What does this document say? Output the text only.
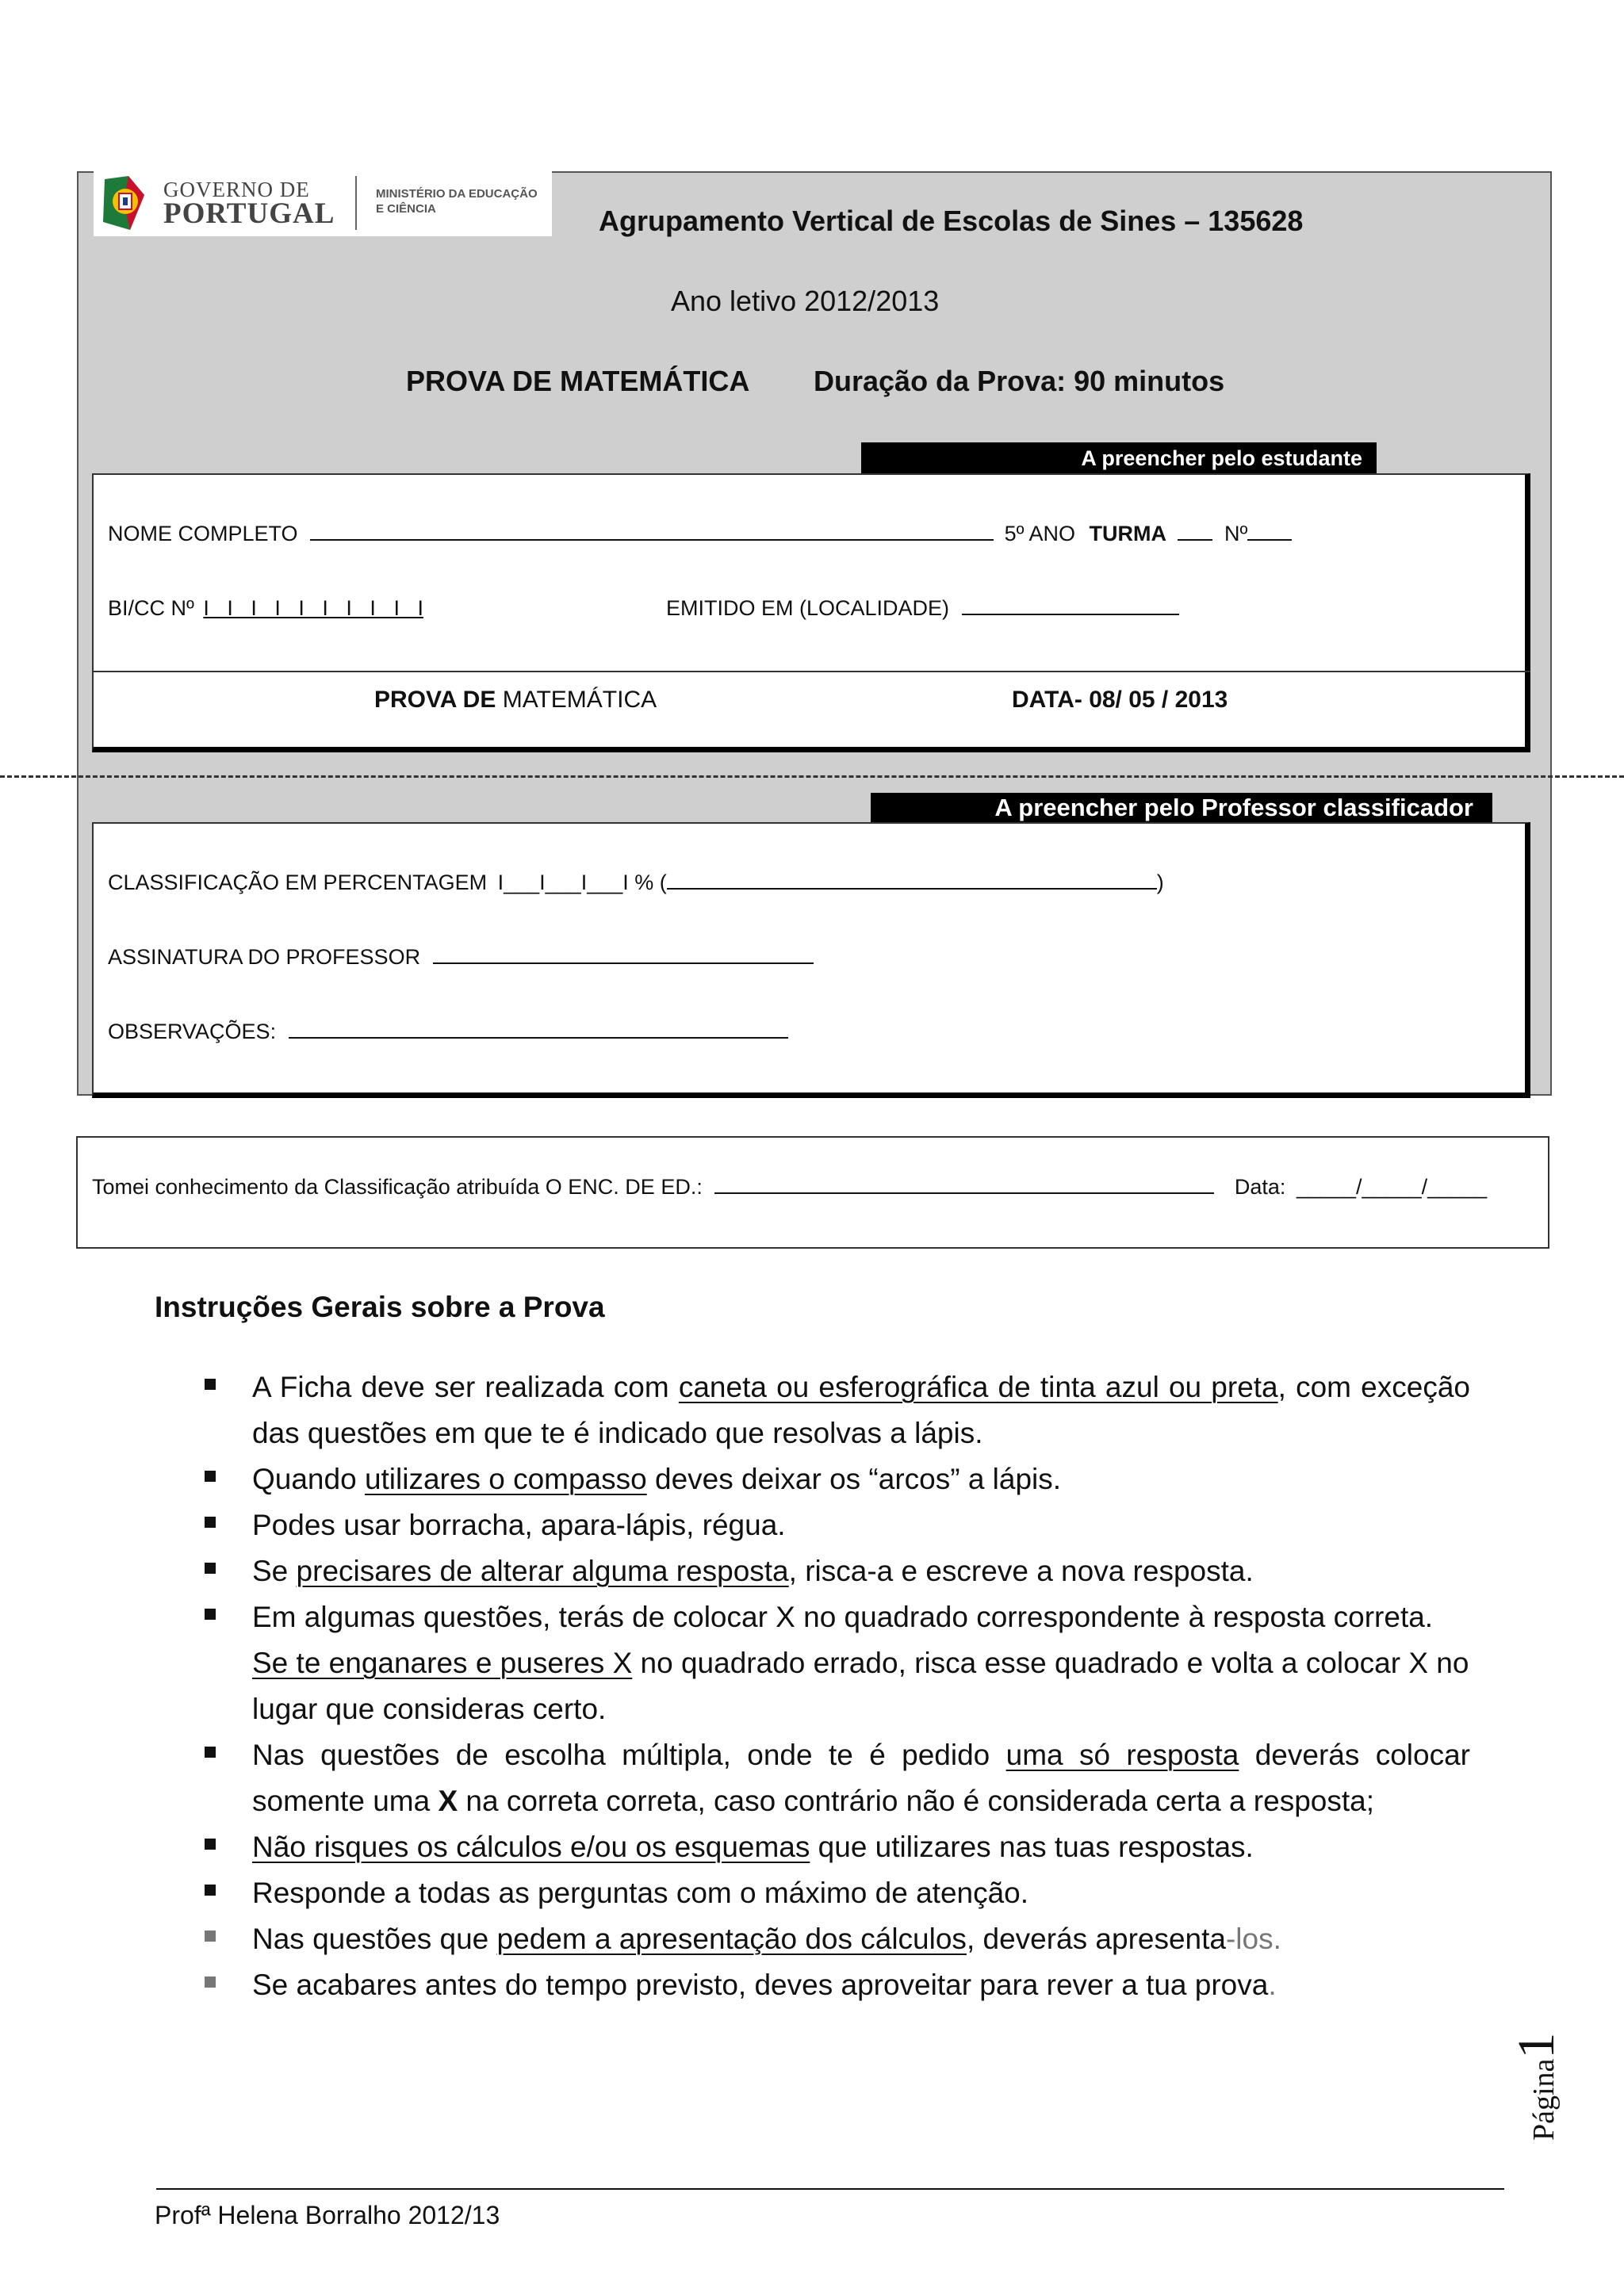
GOVERNO DE
PORTUGAL
MINISTÉRIO DA EDUCAÇÃO
E CIÊNCIA	Agrupamento Vertical de Escolas de Sines – 135628
Ano letivo 2012/2013
PROVA DE MATEMÁTICA Duração da Prova: 90 minutos
A preencher pelo estudante
NOME COMPLETO	5º ANO TURMA	Nº
BI/CC Nº I   I   I   I   I   I   I   I   I   I	EMITIDO EM (LOCALIDADE)
PROVA DE MATEMÁTICA	DATA- 08/ 05 / 2013
A preencher pelo Professor classificador
CLASSIFICAÇÃO EM PERCENTAGEM I___I___I___I % (	)
ASSINATURA DO PROFESSOR
OBSERVAÇÕES:
Tomei conhecimento da Classificação atribuída O ENC. DE ED.:	Data: _____/_____/_____
Instruções Gerais sobre a Prova
A Ficha deve ser realizada com caneta ou esferográfica de tinta azul ou preta, com exceção das questões em que te é indicado que resolvas a lápis.
Quando utilizares o compasso deves deixar os “arcos” a lápis.
Podes usar borracha, apara-lápis, régua.
Se precisares de alterar alguma resposta, risca-a e escreve a nova resposta.
Em algumas questões, terás de colocar X no quadrado correspondente à resposta correta. Se te enganares e puseres X no quadrado errado, risca esse quadrado e volta a colocar X no lugar que consideras certo.
Nas questões de escolha múltipla, onde te é pedido uma só resposta deverás colocar somente uma X na correta correta, caso contrário não é considerada certa a resposta;
Não risques os cálculos e/ou os esquemas que utilizares nas tuas respostas.
Responde a todas as perguntas com o máximo de atenção.
Nas questões que pedem a apresentação dos cálculos, deverás apresenta-los.
Se acabares antes do tempo previsto, deves aproveitar para rever a tua prova.
Página1
Profª Helena Borralho 2012/13
